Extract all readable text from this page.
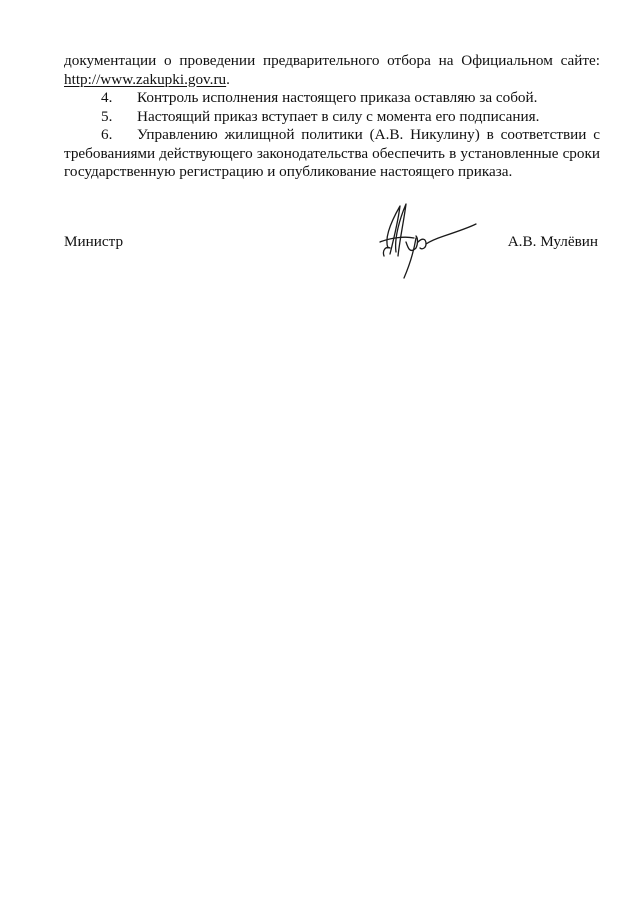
документации о проведении предварительного отбора на Официальном сайте:

http://www.zakupki.gov.ru.

4.	Контроль исполнения настоящего приказа оставляю за собой.

5.	Настоящий приказ вступает в силу с момента его подписания.

6. Управлению жилищной политики (А.В. Никулину) в соответствии с требованиями действующего законодательства обеспечить в установленные сроки государственную регистрацию и опубликование настоящего приказа.

Министр	А.В. Мулёвин
